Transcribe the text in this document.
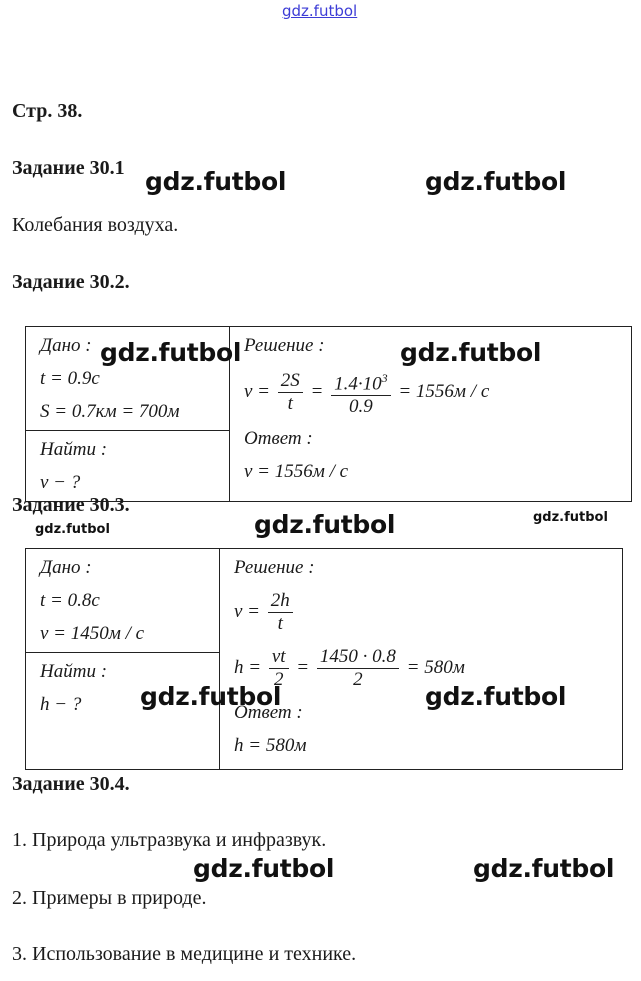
gdz.futbol
Стр. 38.
Задание 30.1
Колебания воздуха.
Задание 30.2.
Дано :
t = 0.9c
S = 0.7км = 700м

Решение :
$v = \frac{2S}{t} = \frac{1.4\cdot 10^3}{0.9} = 1556м / c$
Ответ :
v = 1556м / c

Найти :
v − ?
Задание 30.3.
Дано :
t = 0.8c
v = 1450м / c

Решение :
$v = \frac{2h}{t}$
$h = \frac{vt}{2} = \frac{1450 \cdot 0.8}{2} = 580м$
Ответ :
h = 580м

Найти :
h − ?
Задание 30.4.
1. Природа ультразвука и инфразвук.
2. Примеры в природе.
3. Использование в медицине и технике.
gdz.futbol	gdz.futbol
gdz.futbol	gdz.futbol
gdz.futbol	gdz.futbol	gdz.futbol
gdz.futbol	gdz.futbol
gdz.futbol	gdz.futbol
